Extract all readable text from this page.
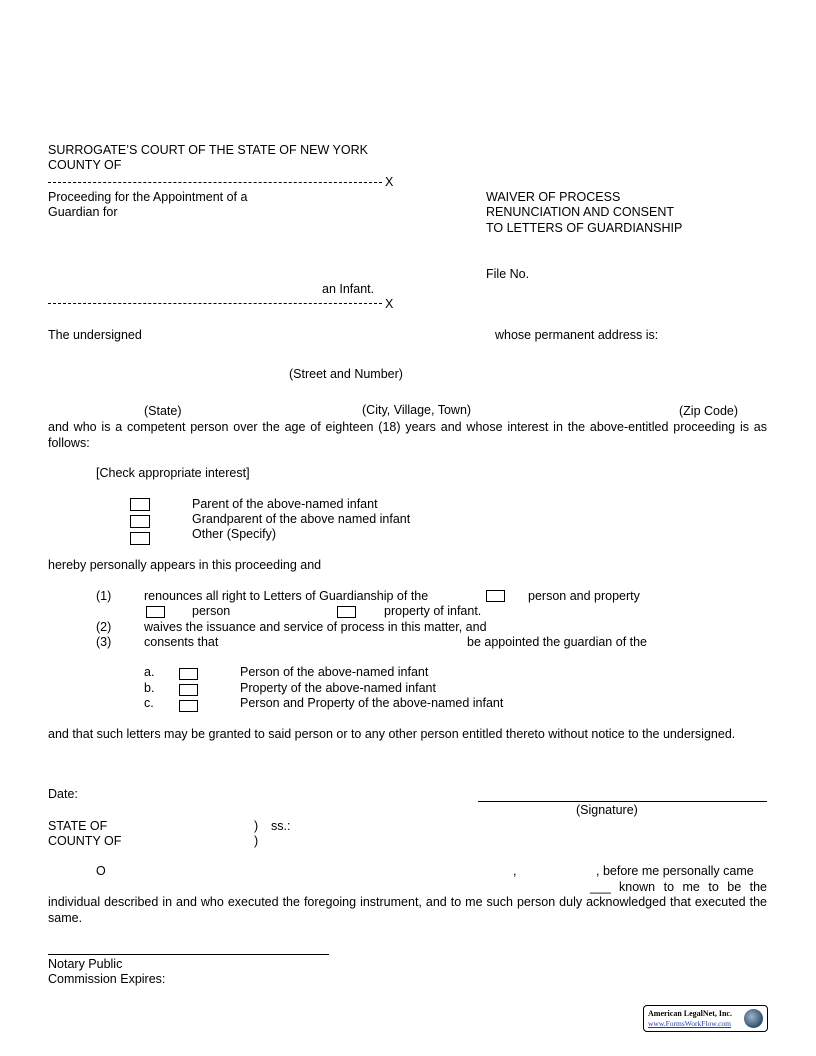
SURROGATE’S COURT OF THE STATE OF NEW YORK
COUNTY OF
X
Proceeding for the Appointment of a
Guardian for
an Infant.
X
WAIVER OF PROCESS
RENUNCIATION AND CONSENT
TO LETTERS OF GUARDIANSHIP
File No.
The undersigned	whose permanent address is:
(Street and Number)
(State)	(City, Village, Town)	(Zip Code)
and who is a competent person over the age of eighteen (18) years and whose interest in the above-entitled proceeding is as follows:
[Check appropriate interest]
Parent of the above-named infant
Grandparent of the above named infant
Other (Specify)
hereby personally appears in this proceeding and
(1)	renounces all right to Letters of Guardianship of the	person and property
person	property of infant.
(2)	waives the issuance and service of process in this matter, and
(3)	consents that	be appointed the guardian of the
a.	Person of the above-named infant
b.	Property of the above-named infant
c.	Person and Property of the above-named infant
and that such letters may be granted to said person or to any other person entitled thereto without notice to the undersigned.
Date:
(Signature)
STATE OF	) ss.:
COUNTY OF	)
O	,	, before me personally came
___ known to me to be the
individual described in and who executed the foregoing instrument, and to me such person duly acknowledged that executed the same.
Notary Public
Commission Expires:
American LegalNet, Inc.
www.FormsWorkFlow.com
